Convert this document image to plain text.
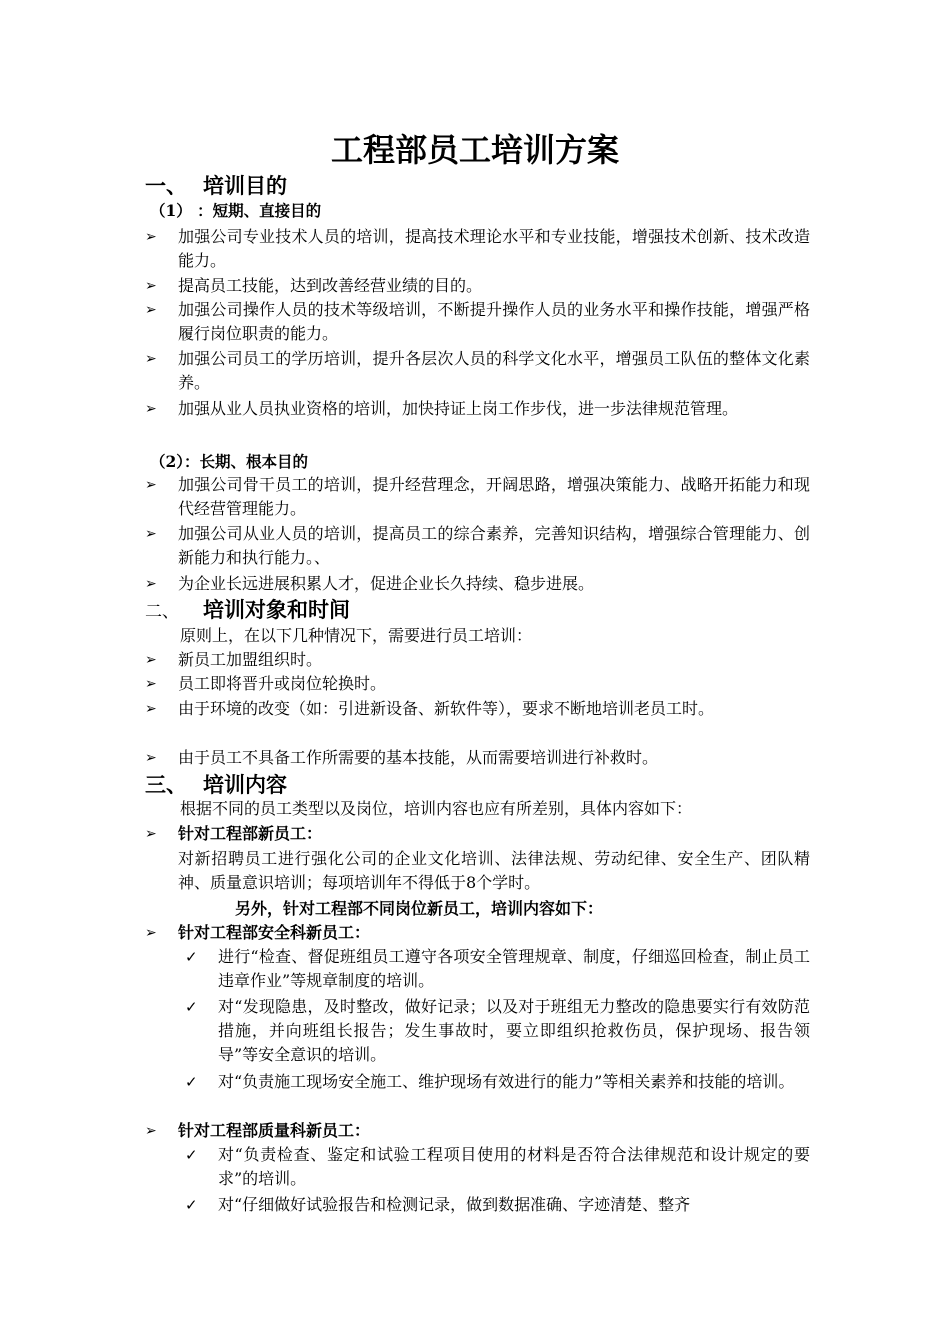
工程部员工培训方案
一、 培训目的
（1） ：短期、直接目的
➢	加强公司专业技术人员的培训，提高技术理论水平和专业技能，增强技术创新、技术改造能力。
➢	提高员工技能，达到改善经营业绩的目的。
➢	加强公司操作人员的技术等级培训，不断提升操作人员的业务水平和操作技能，增强严格履行岗位职责的能力。
➢	加强公司员工的学历培训，提升各层次人员的科学文化水平，增强员工队伍的整体文化素养。
➢	加强从业人员执业资格的培训，加快持证上岗工作步伐，进一步法律规范管理。
（2）：长期、根本目的
➢	加强公司骨干员工的培训，提升经营理念，开阔思路，增强决策能力、战略开拓能力和现代经营管理能力。
➢	加强公司从业人员的培训，提高员工的综合素养，完善知识结构，增强综合管理能力、创新能力和执行能力。、
➢	为企业长远进展积累人才，促进企业长久持续、稳步进展。
二、 培训对象和时间
原则上，在以下几种情况下，需要进行员工培训：
➢	新员工加盟组织时。
➢	员工即将晋升或岗位轮换时。
➢	由于环境的改变（如：引进新设备、新软件等），要求不断地培训老员工时。
➢	由于员工不具备工作所需要的基本技能，从而需要培训进行补救时。
三、 培训内容
根据不同的员工类型以及岗位，培训内容也应有所差别，具体内容如下：
➢	针对工程部新员工：
对新招聘员工进行强化公司的企业文化培训、法律法规、劳动纪律、安全生产、团队精神、质量意识培训；每项培训年不得低于8个学时。
另外，针对工程部不同岗位新员工，培训内容如下：
➢	针对工程部安全科新员工：
✓	进行“检查、督促班组员工遵守各项安全管理规章、制度，仔细巡回检查，制止员工违章作业”等规章制度的培训。
✓	对“发现隐患，及时整改，做好记录；以及对于班组无力整改的隐患要实行有效防范措施，并向班组长报告；发生事故时，要立即组织抢救伤员，保护现场、报告领导”等安全意识的培训。
✓	对“负责施工现场安全施工、维护现场有效进行的能力”等相关素养和技能的培训。
➢	针对工程部质量科新员工：
✓	对“负责检查、鉴定和试验工程项目使用的材料是否符合法律规范和设计规定的要求”的培训。
✓	对“仔细做好试验报告和检测记录，做到数据准确、字迹清楚、整齐
